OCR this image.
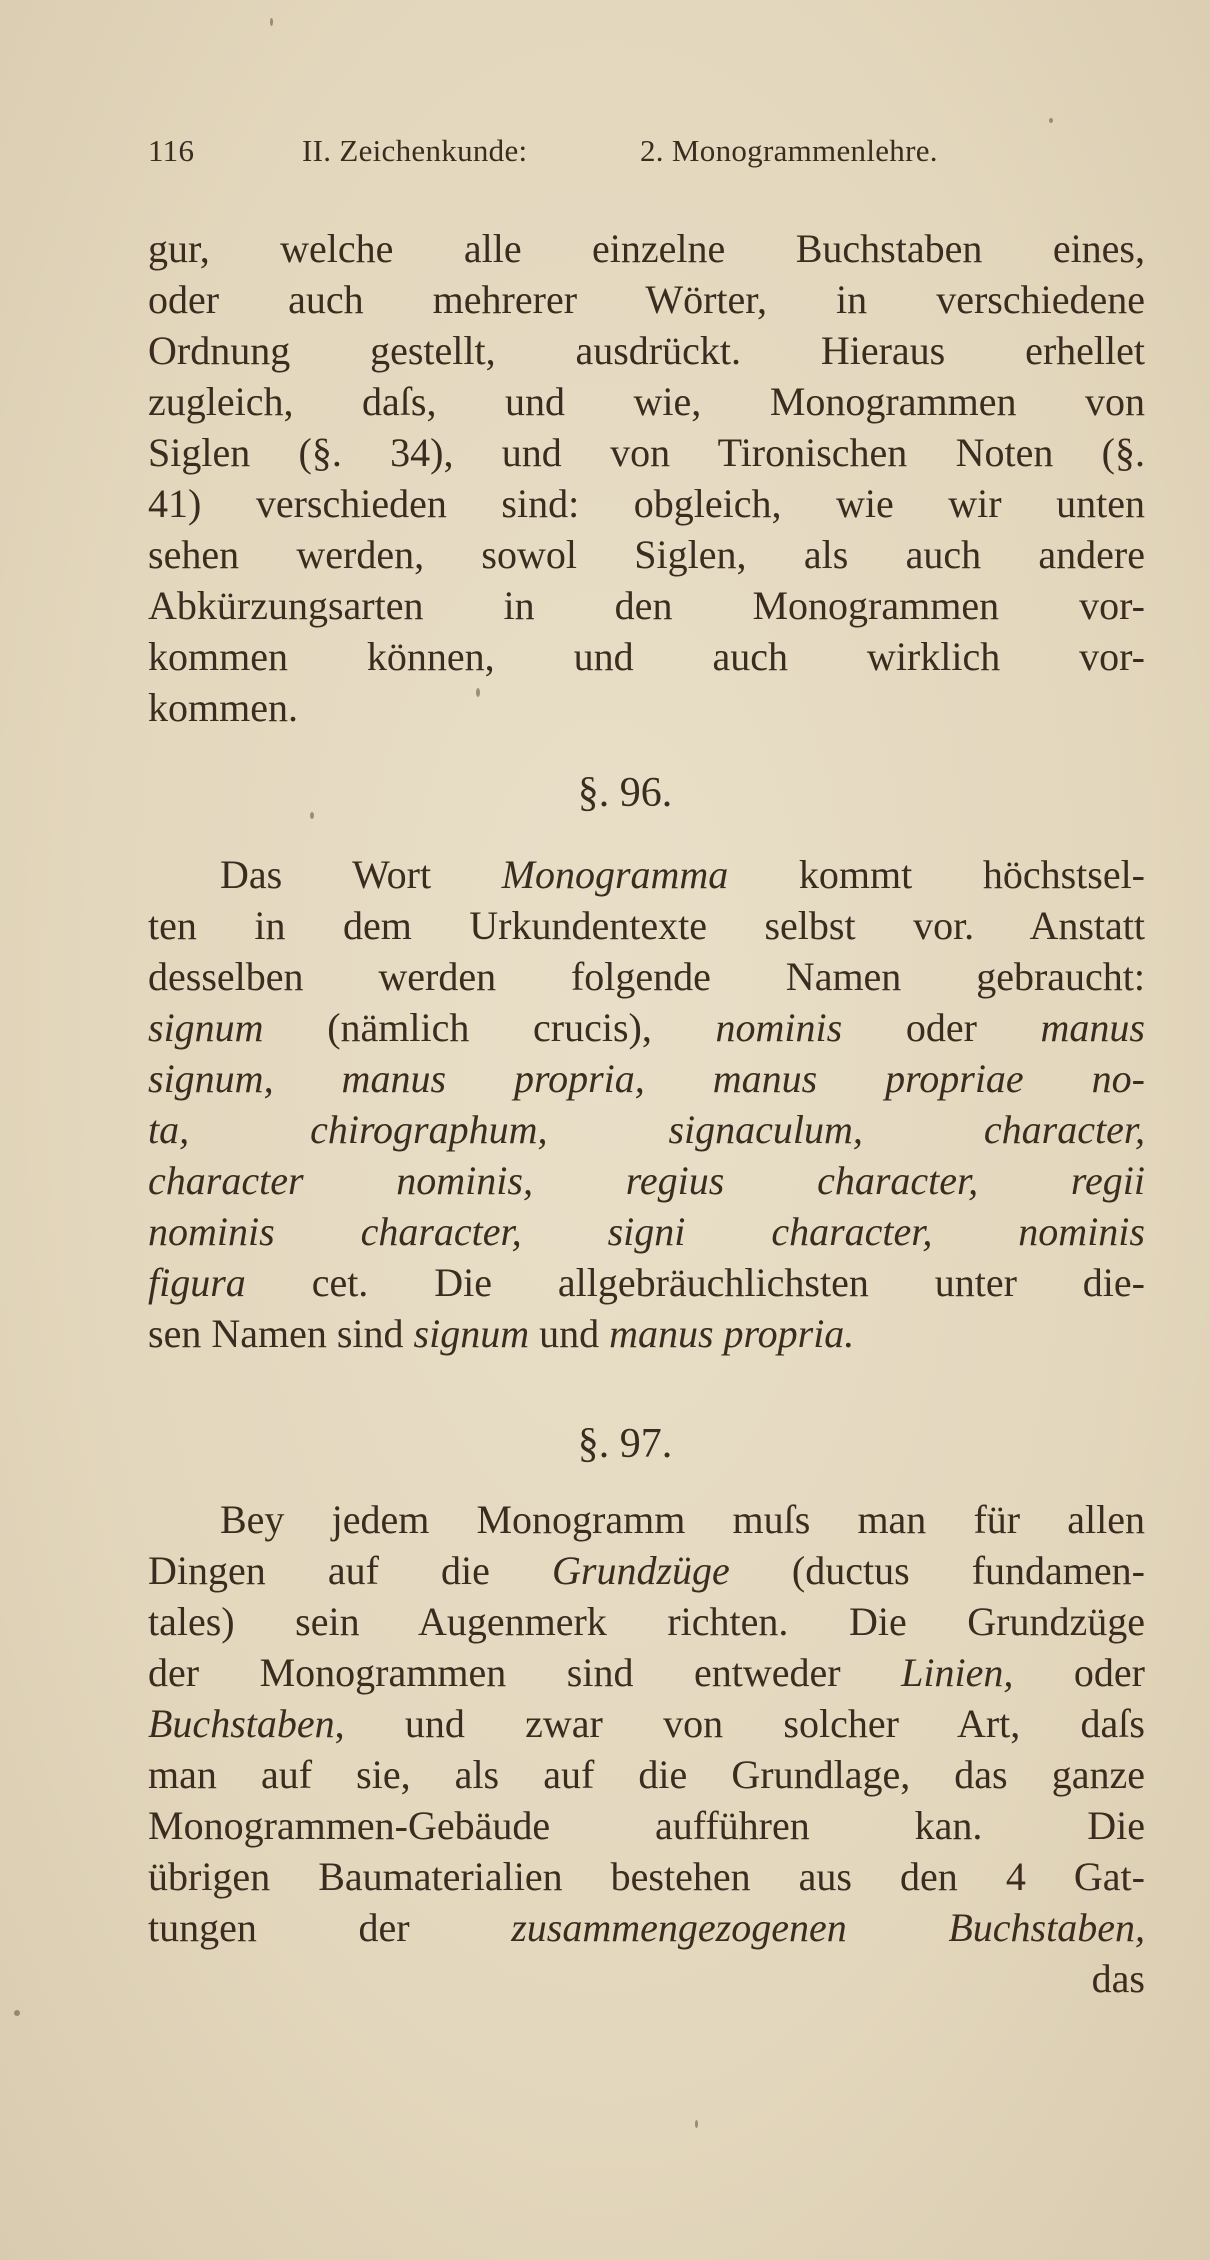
116	II. Zeichenkunde:	2. Monogrammenlehre.
gur, welche alle einzelne Buchstaben eines,
oder auch mehrerer Wörter, in verschiedene
Ordnung gestellt, ausdrückt. Hieraus erhellet
zugleich, daſs, und wie, Monogrammen von
Siglen (§. 34), und von Tironischen Noten (§.
41) verschieden sind: obgleich, wie wir unten
sehen werden, sowol Siglen, als auch andere
Abkürzungsarten in den Monogrammen vor-
kommen können, und auch wirklich vor-
kommen.
§. 96.
Das Wort Monogramma kommt höchstsel-
ten in dem Urkundentexte selbst vor. Anstatt
desselben werden folgende Namen gebraucht:
signum (nämlich crucis), nominis oder manus
signum, manus propria, manus propriae no-
ta, chirographum, signaculum, character,
character nominis, regius character, regii
nominis character, signi character, nominis
figura cet. Die allgebräuchlichsten unter die-
sen Namen sind signum und manus propria.
§. 97.
Bey jedem Monogramm muſs man für allen
Dingen auf die Grundzüge (ductus fundamen-
tales) sein Augenmerk richten. Die Grundzüge
der Monogrammen sind entweder Linien, oder
Buchstaben, und zwar von solcher Art, daſs
man auf sie, als auf die Grundlage, das ganze
Monogrammen-Gebäude aufführen kan. Die
übrigen Baumaterialien bestehen aus den 4 Gat-
tungen der zusammengezogenen Buchstaben,
das
